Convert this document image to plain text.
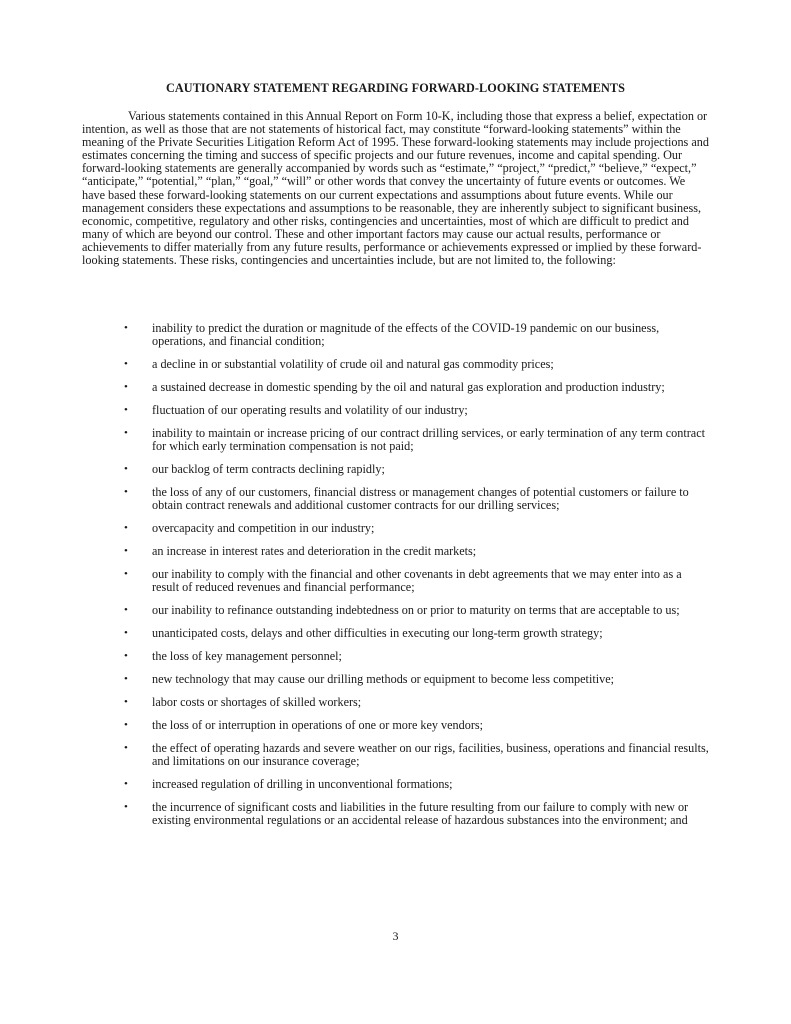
CAUTIONARY STATEMENT REGARDING FORWARD-LOOKING STATEMENTS

Various statements contained in this Annual Report on Form 10-K, including those that express a belief, expectation or intention, as well as those that are not statements of historical fact, may constitute “forward-looking statements” within the meaning of the Private Securities Litigation Reform Act of 1995. These forward-looking statements may include projections and estimates concerning the timing and success of specific projects and our future revenues, income and capital spending. Our forward-looking statements are generally accompanied by words such as “estimate,” “project,” “predict,” “believe,” “expect,” “anticipate,” “potential,” “plan,” “goal,” “will” or other words that convey the uncertainty of future events or outcomes. We have based these forward-looking statements on our current expectations and assumptions about future events. While our management considers these expectations and assumptions to be reasonable, they are inherently subject to significant business, economic, competitive, regulatory and other risks, contingencies and uncertainties, most of which are difficult to predict and many of which are beyond our control. These and other important factors may cause our actual results, performance or achievements to differ materially from any future results, performance or achievements expressed or implied by these forward-looking statements. These risks, contingencies and uncertainties include, but are not limited to, the following:

• inability to predict the duration or magnitude of the effects of the COVID-19 pandemic on our business, operations, and financial condition;
• a decline in or substantial volatility of crude oil and natural gas commodity prices;
• a sustained decrease in domestic spending by the oil and natural gas exploration and production industry;
• fluctuation of our operating results and volatility of our industry;
• inability to maintain or increase pricing of our contract drilling services, or early termination of any term contract for which early termination compensation is not paid;
• our backlog of term contracts declining rapidly;
• the loss of any of our customers, financial distress or management changes of potential customers or failure to obtain contract renewals and additional customer contracts for our drilling services;
• overcapacity and competition in our industry;
• an increase in interest rates and deterioration in the credit markets;
• our inability to comply with the financial and other covenants in debt agreements that we may enter into as a result of reduced revenues and financial performance;
• our inability to refinance outstanding indebtedness on or prior to maturity on terms that are acceptable to us;
• unanticipated costs, delays and other difficulties in executing our long-term growth strategy;
• the loss of key management personnel;
• new technology that may cause our drilling methods or equipment to become less competitive;
• labor costs or shortages of skilled workers;
• the loss of or interruption in operations of one or more key vendors;
• the effect of operating hazards and severe weather on our rigs, facilities, business, operations and financial results, and limitations on our insurance coverage;
• increased regulation of drilling in unconventional formations;
• the incurrence of significant costs and liabilities in the future resulting from our failure to comply with new or existing environmental regulations or an accidental release of hazardous substances into the environment; and
3
